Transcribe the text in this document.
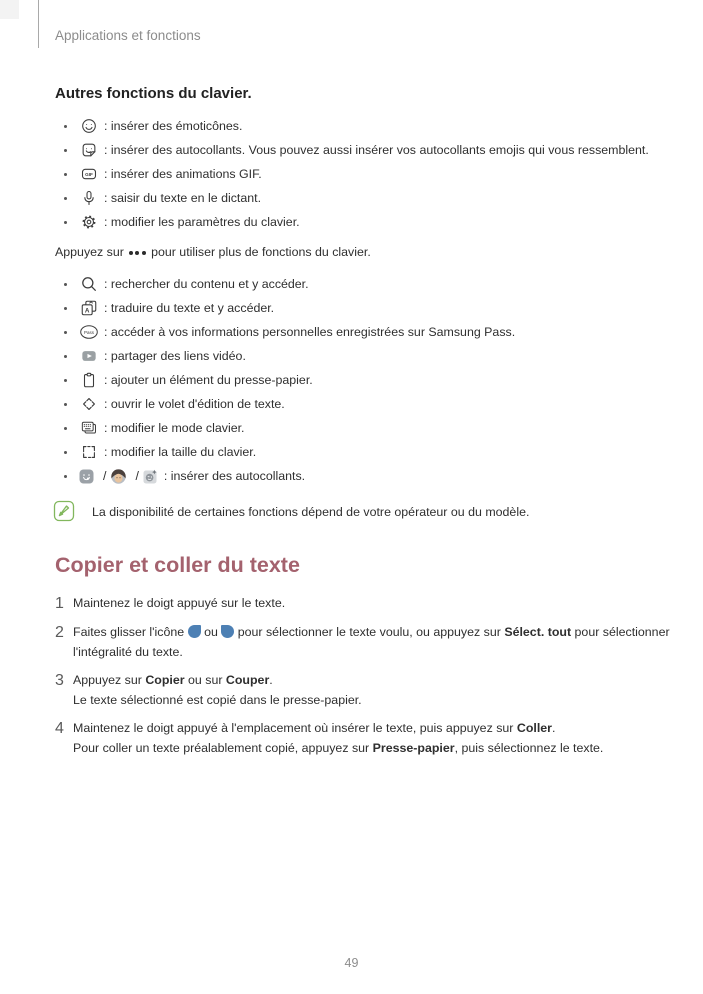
Applications et fonctions
Autres fonctions du clavier.
: insérer des émoticônes.
: insérer des autocollants. Vous pouvez aussi insérer vos autocollants emojis qui vous ressemblent.
GIF : insérer des animations GIF.
: saisir du texte en le dictant.
: modifier les paramètres du clavier.
Appuyez sur pour utiliser plus de fonctions du clavier.
: rechercher du contenu et y accéder.
A : traduire du texte et y accéder.
Pass : accéder à vos informations personnelles enregistrées sur Samsung Pass.
: partager des liens vidéo.
: ajouter un élément du presse-papier.
: ouvrir le volet d'édition de texte.
: modifier le mode clavier.
: modifier la taille du clavier.
/ / : insérer des autocollants.
La disponibilité de certaines fonctions dépend de votre opérateur ou du modèle.
Copier et coller du texte
1 Maintenez le doigt appuyé sur le texte.
2 Faites glisser l'icône  ou  pour sélectionner le texte voulu, ou appuyez sur Sélect. tout pour sélectionner l'intégralité du texte.
3 Appuyez sur Copier ou sur Couper.
Le texte sélectionné est copié dans le presse-papier.
4 Maintenez le doigt appuyé à l'emplacement où insérer le texte, puis appuyez sur Coller.
Pour coller un texte préalablement copié, appuyez sur Presse-papier, puis sélectionnez le texte.
49
